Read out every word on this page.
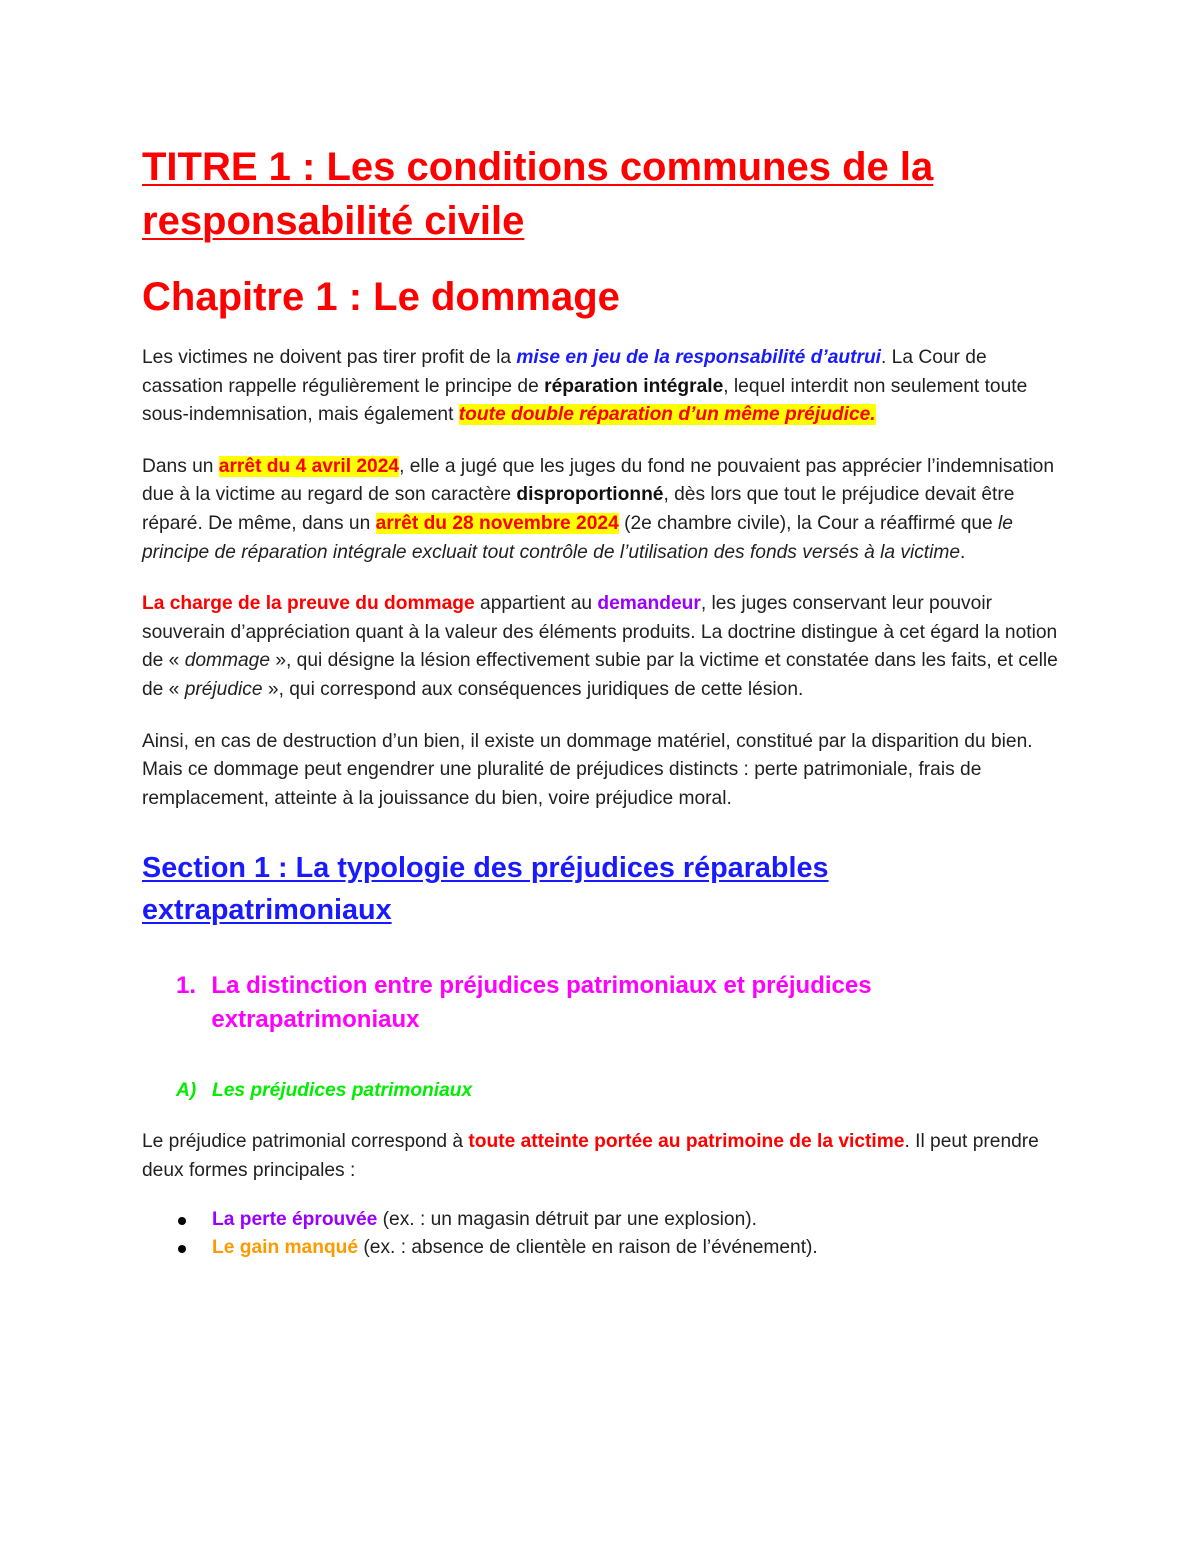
TITRE 1 : Les conditions communes de la
responsabilité civile
Chapitre 1 : Le dommage

Les victimes ne doivent pas tirer profit de la mise en jeu de la responsabilité d’autrui. La Cour de cassation rappelle régulièrement le principe de réparation intégrale, lequel interdit non seulement toute sous-indemnisation, mais également toute double réparation d’un même préjudice.

Dans un arrêt du 4 avril 2024, elle a jugé que les juges du fond ne pouvaient pas apprécier l’indemnisation due à la victime au regard de son caractère disproportionné, dès lors que tout le préjudice devait être réparé. De même, dans un arrêt du 28 novembre 2024 (2e chambre civile), la Cour a réaffirmé que le principe de réparation intégrale excluait tout contrôle de l’utilisation des fonds versés à la victime.

La charge de la preuve du dommage appartient au demandeur, les juges conservant leur pouvoir souverain d’appréciation quant à la valeur des éléments produits. La doctrine distingue à cet égard la notion de « dommage », qui désigne la lésion effectivement subie par la victime et constatée dans les faits, et celle de « préjudice », qui correspond aux conséquences juridiques de cette lésion.

Ainsi, en cas de destruction d’un bien, il existe un dommage matériel, constitué par la disparition du bien. Mais ce dommage peut engendrer une pluralité de préjudices distincts : perte patrimoniale, frais de remplacement, atteinte à la jouissance du bien, voire préjudice moral.

Section 1 : La typologie des préjudices réparables extrapatrimoniaux
1. La distinction entre préjudices patrimoniaux et préjudices extrapatrimoniaux
A) Les préjudices patrimoniaux

Le préjudice patrimonial correspond à toute atteinte portée au patrimoine de la victime. Il peut prendre deux formes principales :

La perte éprouvée (ex. : un magasin détruit par une explosion).
Le gain manqué (ex. : absence de clientèle en raison de l’événement).
